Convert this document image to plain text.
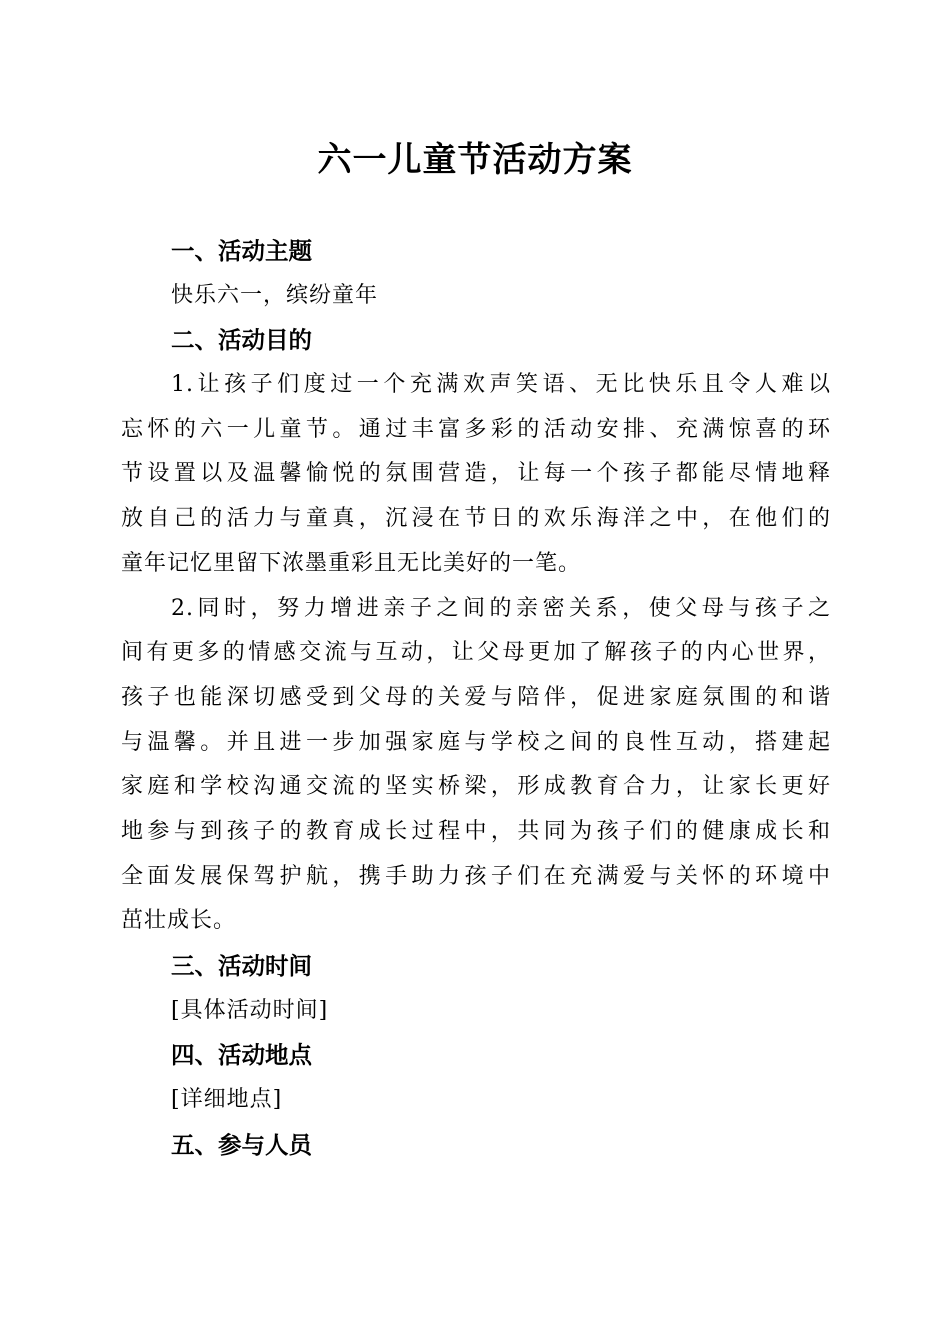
六一儿童节活动方案
一、活动主题
快乐六一，缤纷童年
二、活动目的
1.让孩子们度过一个充满欢声笑语、无比快乐且令人难以
忘怀的六一儿童节。通过丰富多彩的活动安排、充满惊喜的环
节设置以及温馨愉悦的氛围营造，让每一个孩子都能尽情地释
放自己的活力与童真，沉浸在节日的欢乐海洋之中，在他们的
童年记忆里留下浓墨重彩且无比美好的一笔。
2.同时，努力增进亲子之间的亲密关系，使父母与孩子之
间有更多的情感交流与互动，让父母更加了解孩子的内心世界，
孩子也能深切感受到父母的关爱与陪伴，促进家庭氛围的和谐
与温馨。并且进一步加强家庭与学校之间的良性互动，搭建起
家庭和学校沟通交流的坚实桥梁，形成教育合力，让家长更好
地参与到孩子的教育成长过程中，共同为孩子们的健康成长和
全面发展保驾护航，携手助力孩子们在充满爱与关怀的环境中
茁壮成长。
三、活动时间
[具体活动时间]
四、活动地点
[详细地点]
五、参与人员
